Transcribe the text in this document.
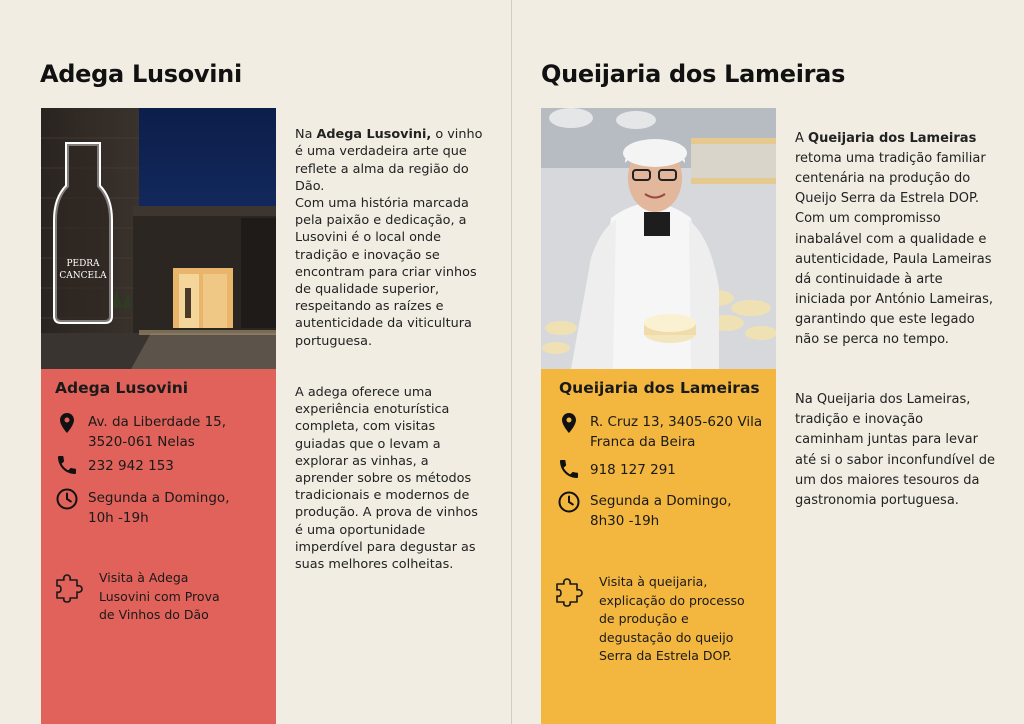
Adega Lusovini
PEDRA
CANCELA
Adega Lusovini
Av. da Liberdade 15,
3520-061 Nelas
232 942 153
Segunda a Domingo,
10h -19h
Visita à Adega
Lusovini com Prova
de Vinhos do Dão

Na Adega Lusovini, o vinho é uma verdadeira arte que reflete a alma da região do Dão.
Com uma história marcada pela paixão e dedicação, a Lusovini é o local onde tradição e inovação se encontram para criar vinhos de qualidade superior, respeitando as raízes e autenticidade da viticultura portuguesa.

A adega oferece uma experiência enoturística completa, com visitas guiadas que o levam a explorar as vinhas, a aprender sobre os métodos tradicionais e modernos de produção. A prova de vinhos é uma oportunidade imperdível para degustar as suas melhores colheitas.

Queijaria dos Lameiras
Queijaria dos Lameiras
R. Cruz 13, 3405-620 Vila
Franca da Beira
918 127 291
Segunda a Domingo,
8h30 -19h
Visita à queijaria,
explicação do processo
de produção e
degustação do queijo
Serra da Estrela DOP.

A Queijaria dos Lameiras
retoma uma tradição familiar centenária na produção do Queijo Serra da Estrela DOP.
Com um compromisso inabalável com a qualidade e autenticidade, Paula Lameiras dá continuidade à arte iniciada por António Lameiras, garantindo que este legado não se perca no tempo.

Na Queijaria dos Lameiras, tradição e inovação caminham juntas para levar até si o sabor inconfundível de um dos maiores tesouros da gastronomia portuguesa.
